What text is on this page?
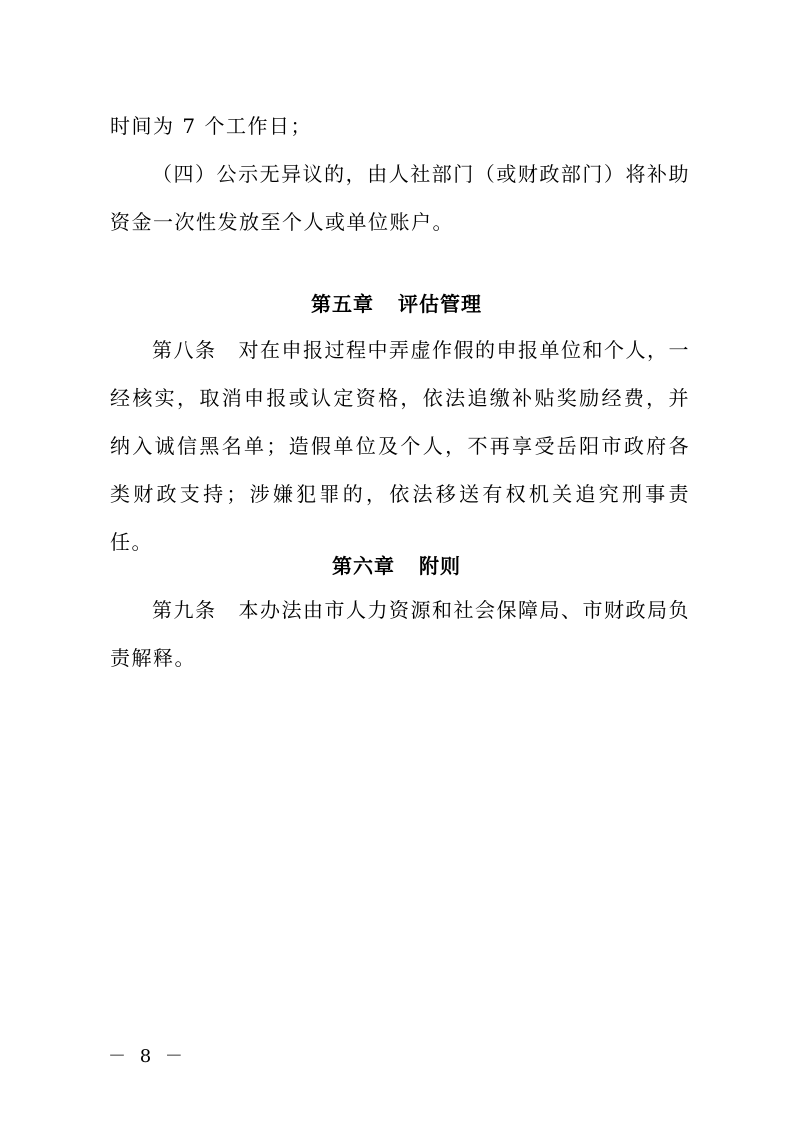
时间为 7 个工作日；

（四）公示无异议的，由人社部门（或财政部门）将补助资金一次性发放至个人或单位账户。

第五章 评估管理

第八条 对在申报过程中弄虚作假的申报单位和个人，一经核实，取消申报或认定资格，依法追缴补贴奖励经费，并纳入诚信黑名单；造假单位及个人，不再享受岳阳市政府各类财政支持；涉嫌犯罪的，依法移送有权机关追究刑事责任。

第六章 附则

第九条 本办法由市人力资源和社会保障局、市财政局负责解释。

－ 8 －
